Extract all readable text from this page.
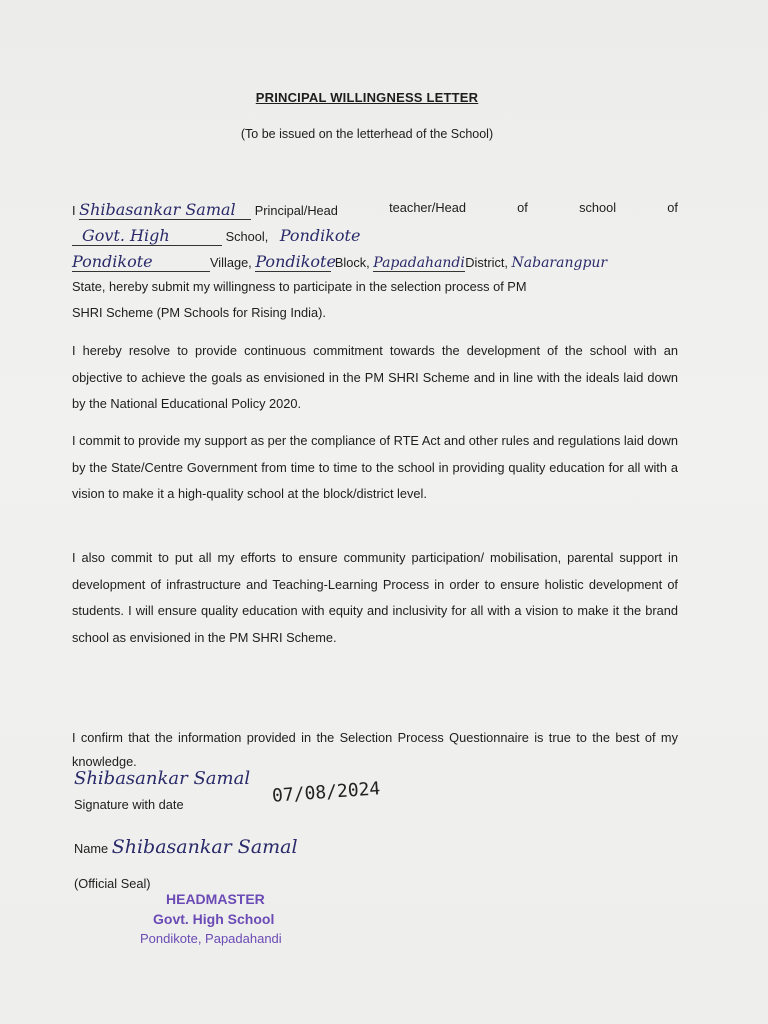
PRINCIPAL WILLINGNESS LETTER
(To be issued on the letterhead of the School)
I Shibasankar Samal Principal/Head	teacher/Head	of	school	of
Govt. High	School, Pondikote
Pondikote	Village, Pondikote Block, PapadahandiDistrict, Nabarangpur
State, hereby submit my willingness to participate in the selection process of PM
SHRI Scheme (PM Schools for Rising India).
I hereby resolve to provide continuous commitment towards the development of the school with an objective to achieve the goals as envisioned in the PM SHRI Scheme and in line with the ideals laid down by the National Educational Policy 2020.
I commit to provide my support as per the compliance of RTE Act and other rules and regulations laid down by the State/Centre Government from time to time to the school in providing quality education for all with a vision to make it a high-quality school at the block/district level.
I also commit to put all my efforts to ensure community participation/ mobilisation, parental support in development of infrastructure and Teaching-Learning Process in order to ensure holistic development of students. I will ensure quality education with equity and inclusivity for all with a vision to make it the brand school as envisioned in the PM SHRI Scheme.
I confirm that the information provided in the Selection Process Questionnaire is true to the best of my knowledge.
Shibasankar Samal
Signature with date	07/08/2024
Name Shibasankar Samal
(Official Seal)
HEADMASTER
Govt. High School
Pondikote, Papadahandi
